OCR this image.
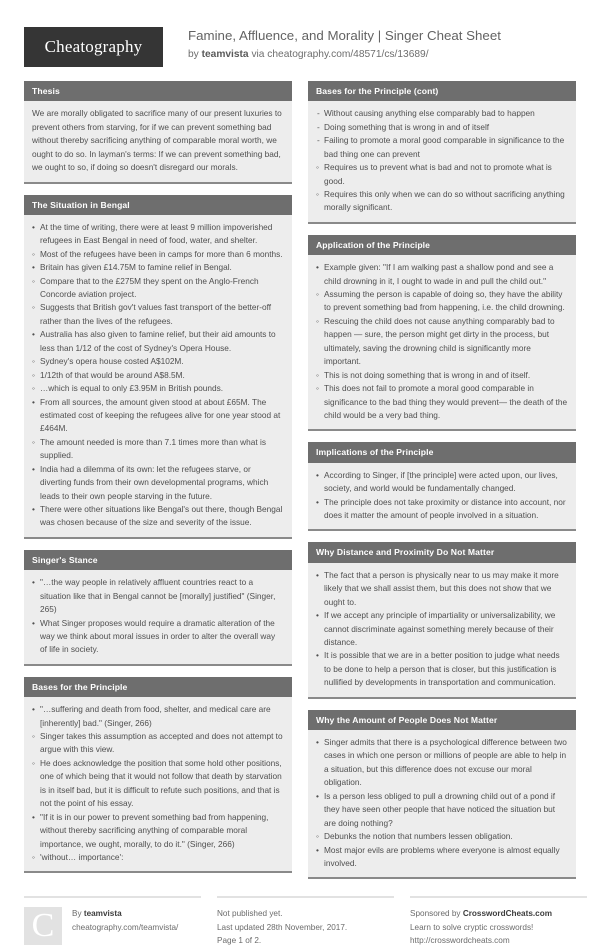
Cheatography
Famine, Affluence, and Morality | Singer Cheat Sheet
by teamvista via cheatography.com/48571/cs/13689/
Thesis

We are morally obligated to sacrifice many of our present luxuries to prevent others from starving, for if we can prevent something bad without thereby sacrificing anything of comparable moral worth, we ought to do so. In layman's terms: If we can prevent something bad, we ought to so, if doing so doesn't disregard our morals.

The Situation in Bengal
• At the time of writing, there were at least 9 million impoverished refugees in East Bengal in need of food, water, and shelter.
◦ Most of the refugees have been in camps for more than 6 months.
• Britain has given £14.75M to famine relief in Bengal.
◦ Compare that to the £275M they spent on the Anglo-French Concorde aviation project.
◦ Suggests that British gov't values fast transport of the better-off rather than the lives of the refugees.
• Australia has also given to famine relief, but their aid amounts to less than 1/12 of the cost of Sydney's Opera House.
◦ Sydney's opera house costed A$102M.
◦ 1/12th of that would be around A$8.5M.
◦ …which is equal to only £3.95M in British pounds.
• From all sources, the amount given stood at about £65M. The estimated cost of keeping the refugees alive for one year stood at £464M.
◦ The amount needed is more than 7.1 times more than what is supplied.
• India had a dilemma of its own: let the refugees starve, or diverting funds from their own developmental programs, which leads to their own people starving in the future.
• There were other situations like Bengal's out there, though Bengal was chosen because of the size and severity of the issue.
Singer's Stance
• "…the way people in relatively affluent countries react to a situation like that in Bengal cannot be [morally] justified" (Singer, 265)
• What Singer proposes would require a dramatic alteration of the way we think about moral issues in order to alter the overall way of life in society.
Bases for the Principle
• "…suffering and death from food, shelter, and medical care are [inherently] bad." (Singer, 266)
◦ Singer takes this assumption as accepted and does not attempt to argue with this view.
◦ He does acknowledge the position that some hold other positions, one of which being that it would not follow that death by starvation is in itself bad, but it is difficult to refute such positions, and that is not the point of his essay.
• "If it is in our power to prevent something bad from happening, without thereby sacrificing anything of comparable moral importance, we ought, morally, to do it." (Singer, 266)
◦ 'without… importance':
Bases for the Principle (cont)
- Without causing anything else comparably bad to happen
- Doing something that is wrong in and of itself
- Failing to promote a moral good comparable in significance to the bad thing one can prevent
◦ Requires us to prevent what is bad and not to promote what is good.
◦ Requires this only when we can do so without sacrificing anything morally significant.
Application of the Principle
• Example given: "If I am walking past a shallow pond and see a child drowning in it, I ought to wade in and pull the child out."
◦ Assuming the person is capable of doing so, they have the ability to prevent something bad from happening, i.e. the child drowning.
◦ Rescuing the child does not cause anything comparably bad to happen — sure, the person might get dirty in the process, but ultimately, saving the drowning child is significantly more important.
◦ This is not doing something that is wrong in and of itself.
◦ This does not fail to promote a moral good comparable in significance to the bad thing they would prevent— the death of the child would be a very bad thing.
Implications of the Principle
• According to Singer, if [the principle] were acted upon, our lives, society, and world would be fundamentally changed.
• The principle does not take proximity or distance into account, nor does it matter the amount of people involved in a situation.
Why Distance and Proximity Do Not Matter
• The fact that a person is physically near to us may make it more likely that we shall assist them, but this does not show that we ought to.
• If we accept any principle of impartiality or universalizability, we cannot discriminate against something merely because of their distance.
• It is possible that we are in a better position to judge what needs to be done to help a person that is closer, but this justification is nullified by developments in transportation and communication.
Why the Amount of People Does Not Matter
• Singer admits that there is a psychological difference between two cases in which one person or millions of people are able to help in a situation, but this difference does not excuse our moral obligation.
• Is a person less obliged to pull a drowning child out of a pond if they have seen other people that have noticed the situation but are doing nothing?
◦ Debunks the notion that numbers lessen obligation.
• Most major evils are problems where everyone is almost equally involved.
C	By teamvista
cheatography.com/teamvista/
Not published yet.
Last updated 28th November, 2017.
Page 1 of 2.
Sponsored by CrosswordCheats.com
Learn to solve cryptic crosswords!
http://crosswordcheats.com
